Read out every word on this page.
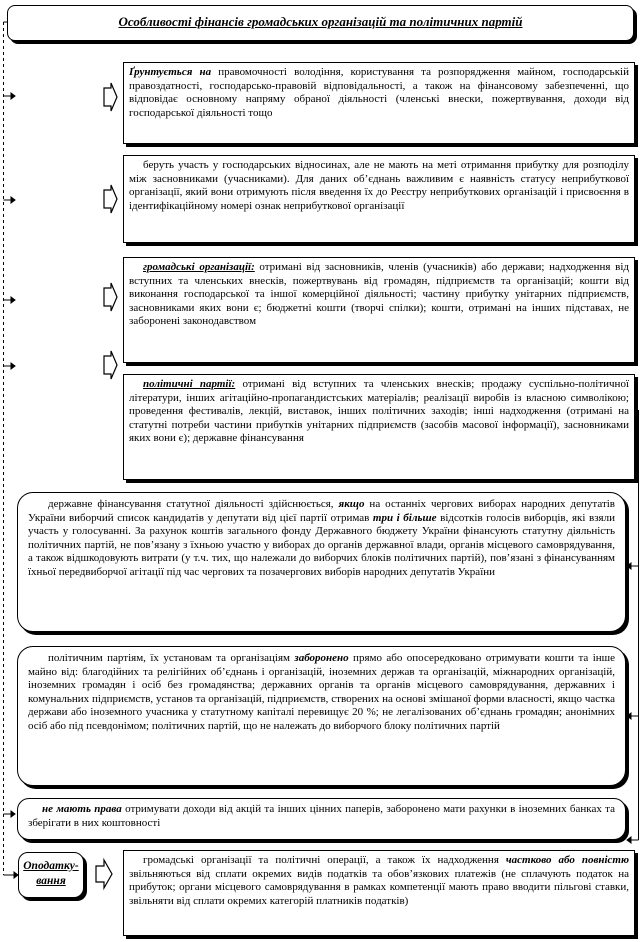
Особливості фінансів громадських організацій та політичних партій
Ґрунтується на правомочності володіння, користування та розпорядження майном, господарській правоздатності, господарсько-правовій відповідальності, а також на фінансовому забезпеченні, що відповідає основному напряму обраної діяльності (членські внески, пожертвування, доходи від господарської діяльності тощо
беруть участь у господарських відносинах, але не мають на меті отримання прибутку для розподілу між засновниками (учасниками). Для даних об’єднань важливим є наявність статусу неприбуткової організації, який вони отримують після введення їх до Реєстру неприбуткових організацій і присвоєння в ідентифікаційному номері ознак неприбуткової організації
громадські організації: отримані від засновників, членів (учасників) або держави; надходження від вступних та членських внесків, пожертвувань від громадян, підприємств та організацій; кошти від виконання господарської та іншої комерційної діяльності; частину прибутку унітарних підприємств, засновниками яких вони є; бюджетні кошти (творчі спілки); кошти, отримані на інших підставах, не заборонені законодавством
політичні партії: отримані від вступних та членських внесків; продажу суспільно-політичної літератури, інших агітаційно-пропагандистських матеріалів; реалізації виробів із власною символікою; проведення фестивалів, лекцій, виставок, інших політичних заходів; інші надходження (отримані на статутні потреби частини прибутків унітарних підприємств (засобів масової інформації), засновниками яких вони є); державне фінансування
державне фінансування статутної діяльності здійснюється, якщо на останніх чергових виборах народних депутатів України виборчий список кандидатів у депутати від цієї партії отримав три і більше відсотків голосів виборців, які взяли участь у голосуванні. За рахунок коштів загального фонду Державного бюджету України фінансують статутну діяльність політичних партій, не пов’язану з їхньою участю у виборах до органів державної влади, органів місцевого самоврядування, а також відшкодовують витрати (у т.ч. тих, що належали до виборчих блоків політичних партій), пов’язані з фінансуванням їхньої передвиборчої агітації під час чергових та позачергових виборів народних депутатів України
політичним партіям, їх установам та організаціям заборонено прямо або опосередковано отримувати кошти та інше майно від: благодійних та релігійних об’єднань і організацій, іноземних держав та організацій, міжнародних організацій, іноземних громадян і осіб без громадянства; державних органів та органів місцевого самоврядування, державних і комунальних підприємств, установ та організацій, підприємств, створених на основі змішаної форми власності, якщо частка держави або іноземного учасника у статутному капіталі перевищує 20 %; не легалізованих об’єднань громадян; анонімних осіб або під псевдонімом; політичних партій, що не належать до виборчого блоку політичних партій
не мають права отримувати доходи від акцій та інших цінних паперів, заборонено мати рахунки в іноземних банках та зберігати в них коштовності
Оподаткування
громадські організації та політичні операції, а також їх надходження частково або повністю звільняються від сплати окремих видів податків та обов’язкових платежів (не сплачують податок на прибуток; органи місцевого самоврядування в рамках компетенції мають право вводити пільгові ставки, звільняти від сплати окремих категорій платників податків)
